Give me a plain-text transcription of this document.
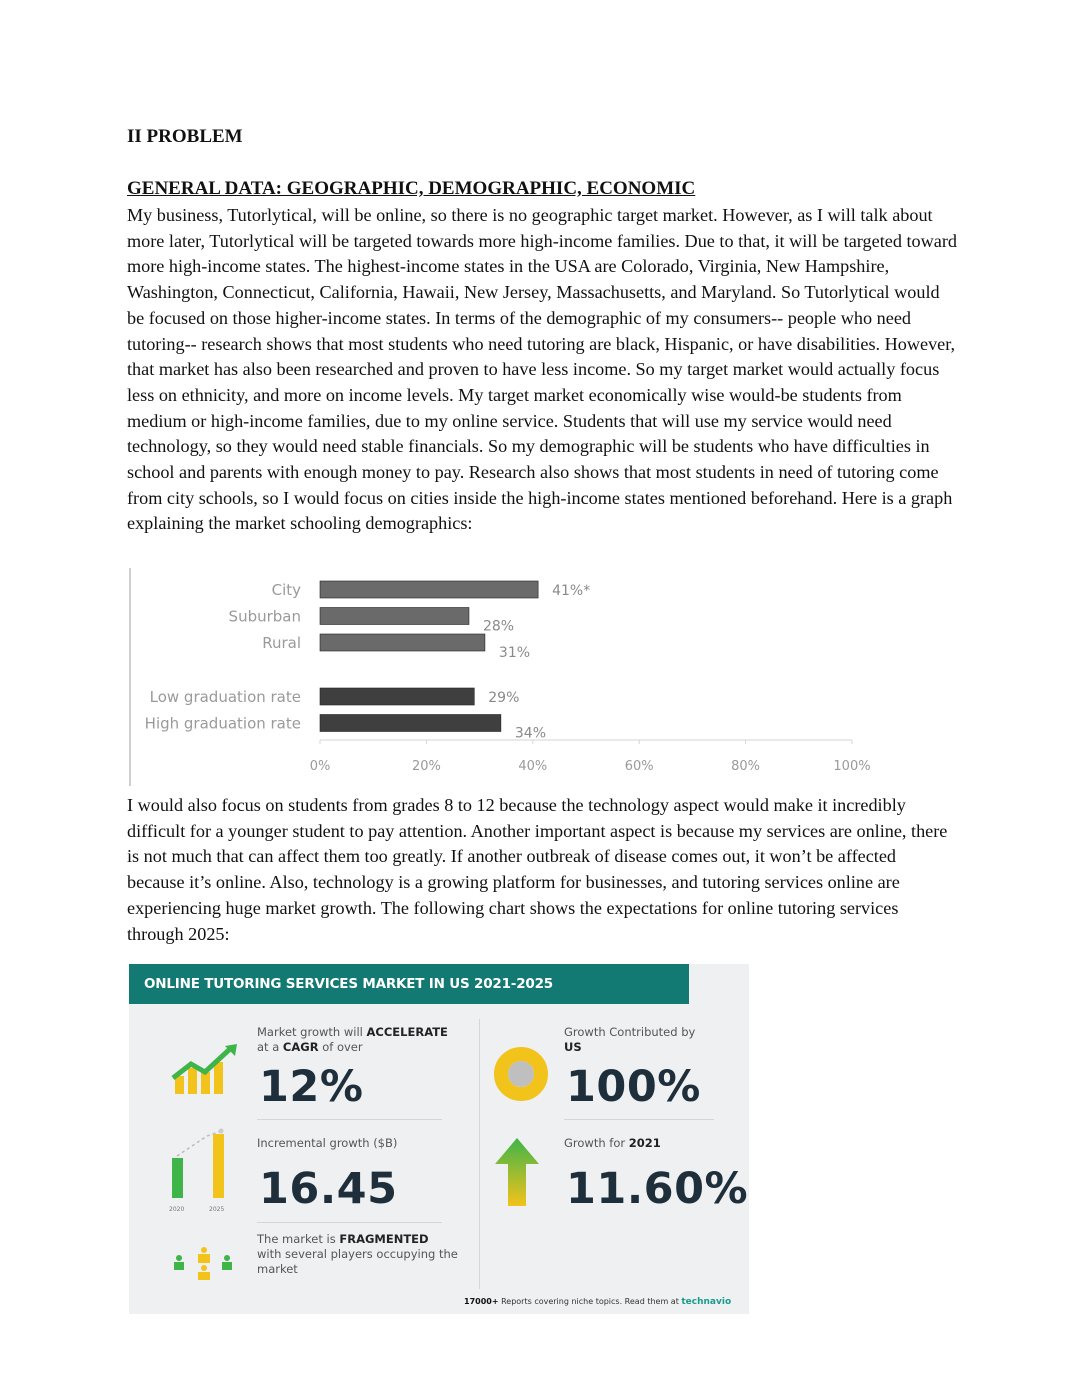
II PROBLEM
GENERAL DATA: GEOGRAPHIC, DEMOGRAPHIC, ECONOMIC

My business, Tutorlytical, will be online, so there is no geographic target market. However, as I will talk about more later, Tutorlytical will be targeted towards more high-income families. Due to that, it will be targeted toward more high-income states. The highest-income states in the USA are Colorado, Virginia, New Hampshire, Washington, Connecticut, California, Hawaii, New Jersey, Massachusetts, and Maryland. So Tutorlytical would be focused on those higher-income states. In terms of the demographic of my consumers-- people who need tutoring-- research shows that most students who need tutoring are black, Hispanic, or have disabilities. However, that market has also been researched and proven to have less income. So my target market would actually focus less on ethnicity, and more on income levels. My target market economically wise would-be students from medium or high-income families, due to my online service. Students that will use my service would need technology, so they would need stable financials. So my demographic will be students who have difficulties in school and parents with enough money to pay. Research also shows that most students in need of tutoring come from city schools, so I would focus on cities inside the high-income states mentioned beforehand. Here is a graph explaining the market schooling demographics:

City	41%*
Suburban
28%
Rural
31%
Low graduation rate	29%
High graduation rate
34%
0%	20%	40%	60%	80%	100%

I would also focus on students from grades 8 to 12 because the technology aspect would make it incredibly difficult for a younger student to pay attention. Another important aspect is because my services are online, there is not much that can affect them too greatly. If another outbreak of disease comes out, it won’t be affected because it’s online. Also, technology is a growing platform for businesses, and tutoring services online are experiencing huge market growth. The following chart shows the expectations for online tutoring services through 2025:

ONLINE TUTORING SERVICES MARKET IN US 2021-2025
Market growth will ACCELERATE
at a CAGR of over
12%
2020	2025
Incremental growth ($B)
16.45
The market is FRAGMENTED
with several players occupying the market
Growth Contributed by
US
100%
Growth for 2021
11.60%
17000+ Reports covering niche topics. Read them at technavio
